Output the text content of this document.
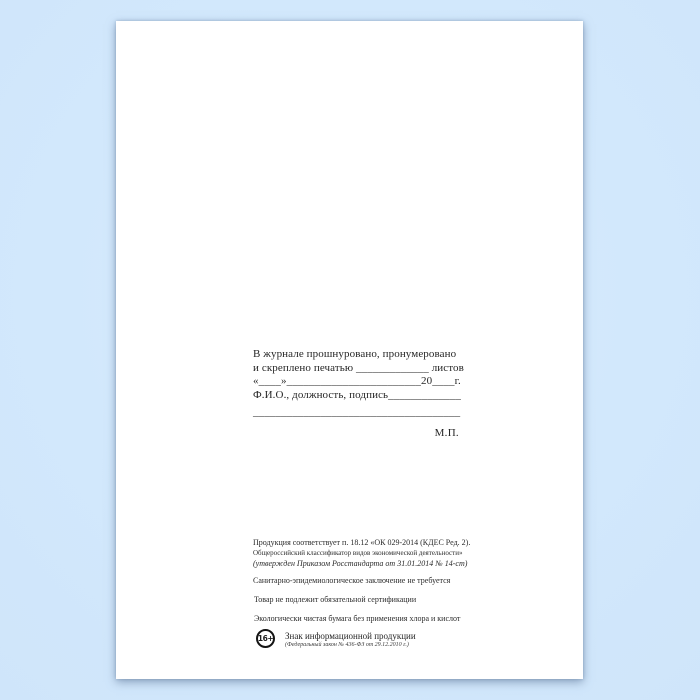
В журнале прошнуровано, пронумеровано
и скреплено печатью _____________ листов
«____»________________________20____г.
Ф.И.О., должность, подпись_____________
_____________________________________
М.П.
Продукция соответствует п. 18.12 «ОК 029-2014 (КДЕС Ред. 2).
Общероссийский классификатор видов экономической деятельности»
(утвержден Приказом Росстандарта от 31.01.2014 № 14-ст)
Санитарно-эпидемиологическое заключение не требуется
Товар не подлежит обязательной сертификации
Экологически чистая бумага без применения хлора и кислот
16+ Знак информационной продукции
(Федеральный закон № 436-ФЗ от 29.12.2010 г.)
